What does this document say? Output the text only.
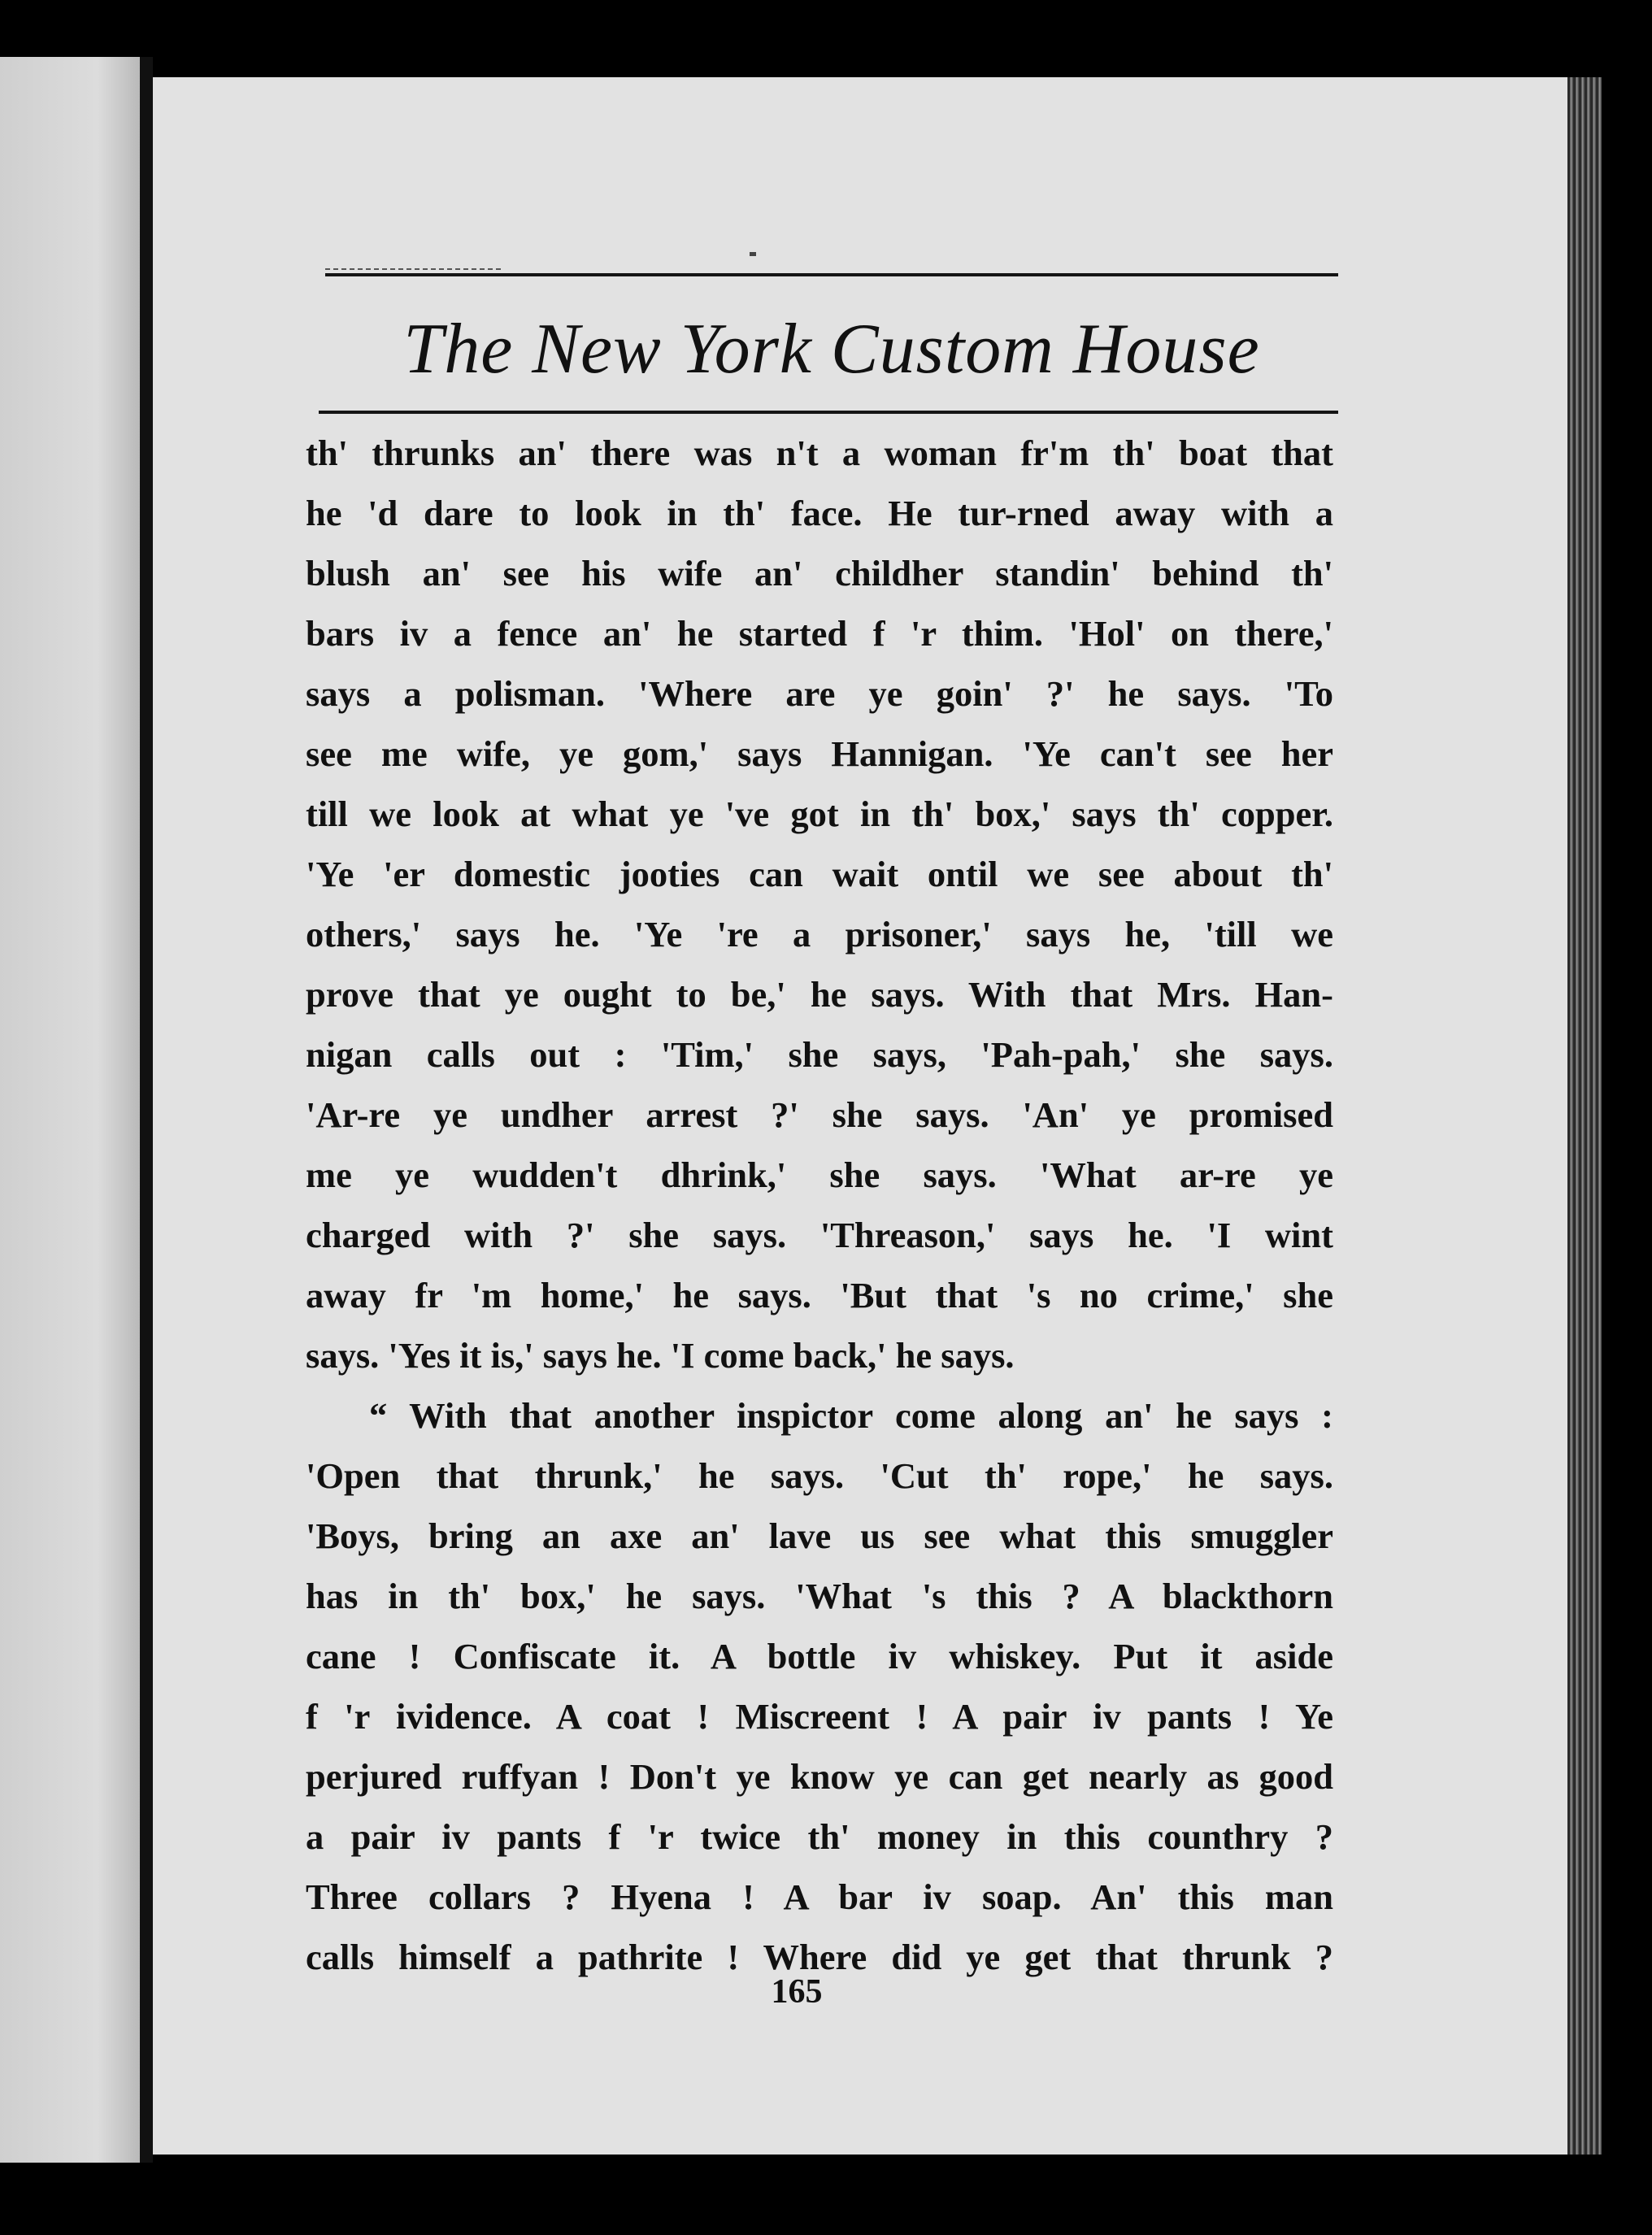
The New York Custom House
th' thrunks an' there was n't a woman fr'm th' boat that
he 'd dare to look in th' face. He tur-rned away with a
blush an' see his wife an' childher standin' behind th'
bars iv a fence an' he started f 'r thim. 'Hol' on there,'
says a polisman. 'Where are ye goin' ?' he says. 'To
see me wife, ye gom,' says Hannigan. 'Ye can't see her
till we look at what ye 've got in th' box,' says th' copper.
'Ye 'er domestic jooties can wait ontil we see about th'
others,' says he. 'Ye 're a prisoner,' says he, 'till we
prove that ye ought to be,' he says. With that Mrs. Han-
nigan calls out : 'Tim,' she says, 'Pah-pah,' she says.
'Ar-re ye undher arrest ?' she says. 'An' ye promised
me ye wudden't dhrink,' she says. 'What ar-re ye
charged with ?' she says. 'Threason,' says he. 'I wint
away fr 'm home,' he says. 'But that 's no crime,' she
says. 'Yes it is,' says he. 'I come back,' he says.
“ With that another inspictor come along an' he says :
'Open that thrunk,' he says. 'Cut th' rope,' he says.
'Boys, bring an axe an' lave us see what this smuggler
has in th' box,' he says. 'What 's this ? A blackthorn
cane ! Confiscate it. A bottle iv whiskey. Put it aside
f 'r ividence. A coat ! Miscreent ! A pair iv pants ! Ye
perjured ruffyan ! Don't ye know ye can get nearly as good
a pair iv pants f 'r twice th' money in this counthry ?
Three collars ? Hyena ! A bar iv soap. An' this man
calls himself a pathrite ! Where did ye get that thrunk ?
165
